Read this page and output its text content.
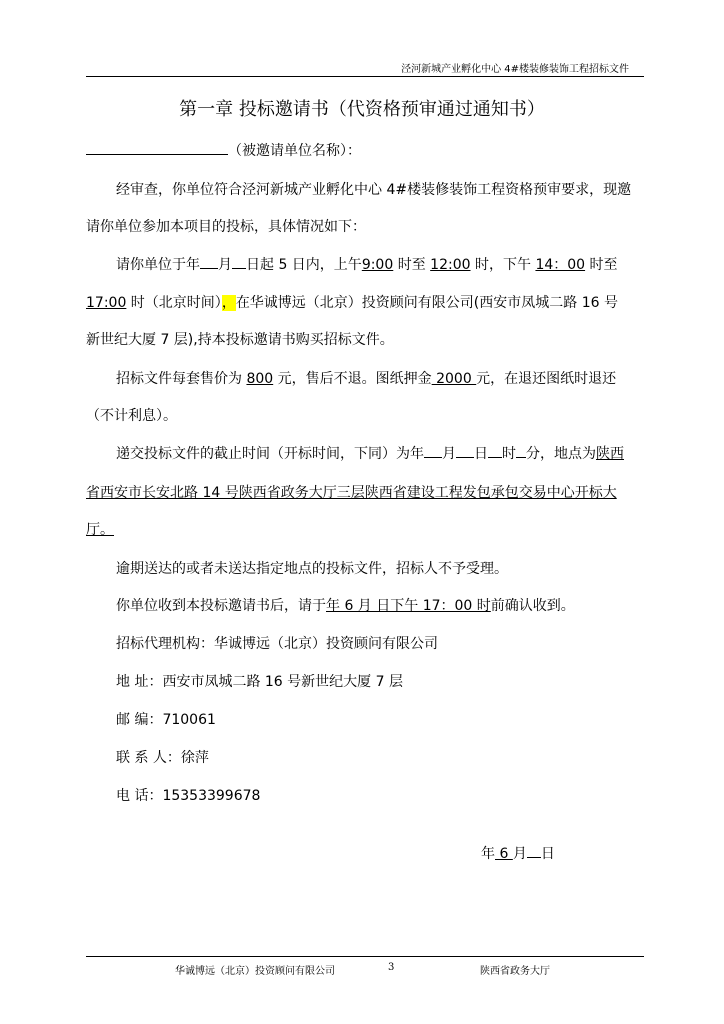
泾河新城产业孵化中心 4#楼装修装饰工程招标文件
第一章 投标邀请书（代资格预审通过通知书）
（被邀请单位名称）：
经审查，你单位符合泾河新城产业孵化中心 4#楼装修装饰工程资格预审要求，现邀
请你单位参加本项目的投标，具体情况如下：
请你单位于年 月 日起 5 日内，上午9:00 时至 12:00 时，下午 14：00 时至
17:00 时（北京时间），在华诚博远（北京）投资顾问有限公司(西安市凤城二路 16 号
新世纪大厦 7 层),持本投标邀请书购买招标文件。
招标文件每套售价为 800 元，售后不退。图纸押金 2000 元，在退还图纸时退还
（不计利息）。
递交投标文件的截止时间（开标时间，下同）为年 月 日 时 分，地点为陕西
省西安市长安北路 14 号陕西省政务大厅三层陕西省建设工程发包承包交易中心开标大
厅。
逾期送达的或者未送达指定地点的投标文件，招标人不予受理。
你单位收到本投标邀请书后，请于年 6 月 日下午 17：00 时前确认收到。
招标代理机构：华诚博远（北京）投资顾问有限公司
地 址：西安市凤城二路 16 号新世纪大厦 7 层
邮 编：710061
联 系 人：徐萍
电 话：15353399678
年 6 月 日
华诚博远（北京）投资顾问有限公司	3	陕西省政务大厅
